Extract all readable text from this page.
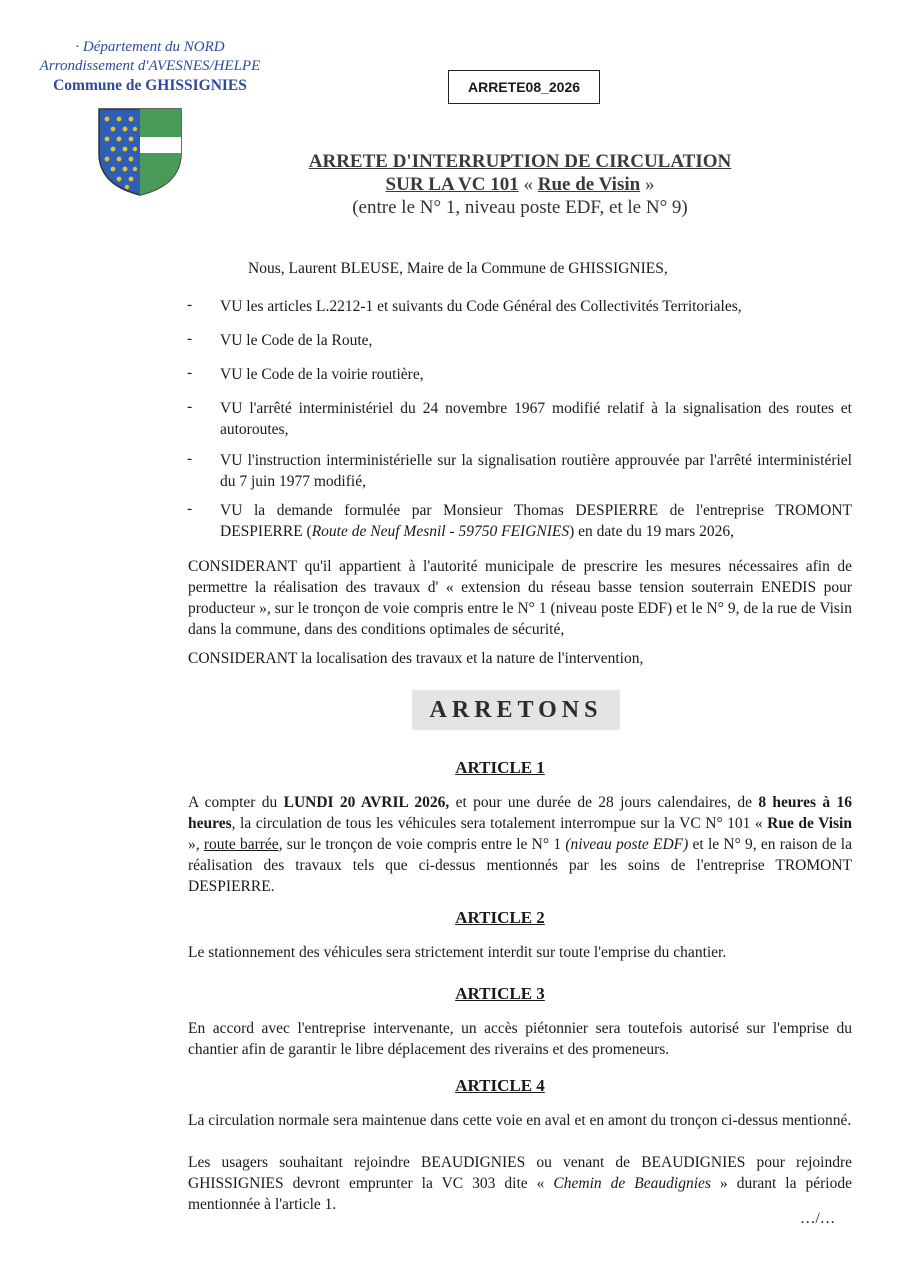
· Département du NORD
Arrondissement d'AVESNES/HELPE
Commune de GHISSIGNIES	ARRETE08_2026
ARRETE D'INTERRUPTION DE CIRCULATION
SUR LA VC 101 « Rue de Visin »
(entre le N° 1, niveau poste EDF, et le N° 9)
Nous, Laurent BLEUSE, Maire de la Commune de GHISSIGNIES,
- VU les articles L.2212-1 et suivants du Code Général des Collectivités Territoriales,
- VU le Code de la Route,
- VU le Code de la voirie routière,
- VU l'arrêté interministériel du 24 novembre 1967 modifié relatif à la signalisation des routes et autoroutes,
- VU l'instruction interministérielle sur la signalisation routière approuvée par l'arrêté interministériel du 7 juin 1977 modifié,
- VU la demande formulée par Monsieur Thomas DESPIERRE de l'entreprise TROMONT DESPIERRE (Route de Neuf Mesnil - 59750 FEIGNIES) en date du 19 mars 2026,
CONSIDERANT qu'il appartient à l'autorité municipale de prescrire les mesures nécessaires afin de permettre la réalisation des travaux d' « extension du réseau basse tension souterrain ENEDIS pour producteur », sur le tronçon de voie compris entre le N° 1 (niveau poste EDF) et le N° 9, de la rue de Visin dans la commune, dans des conditions optimales de sécurité,
CONSIDERANT la localisation des travaux et la nature de l'intervention,
ARRETONS
ARTICLE 1
A compter du LUNDI 20 AVRIL 2026, et pour une durée de 28 jours calendaires, de 8 heures à 16 heures, la circulation de tous les véhicules sera totalement interrompue sur la VC N° 101 « Rue de Visin », route barrée, sur le tronçon de voie compris entre le N° 1 (niveau poste EDF) et le N° 9, en raison de la réalisation des travaux tels que ci-dessus mentionnés par les soins de l'entreprise TROMONT DESPIERRE.
ARTICLE 2
Le stationnement des véhicules sera strictement interdit sur toute l'emprise du chantier.
ARTICLE 3
En accord avec l'entreprise intervenante, un accès piétonnier sera toutefois autorisé sur l'emprise du chantier afin de garantir le libre déplacement des riverains et des promeneurs.
ARTICLE 4
La circulation normale sera maintenue dans cette voie en aval et en amont du tronçon ci-dessus mentionné.
Les usagers souhaitant rejoindre BEAUDIGNIES ou venant de BEAUDIGNIES pour rejoindre GHISSIGNIES devront emprunter la VC 303 dite « Chemin de Beaudignies » durant la période mentionnée à l'article 1.
…/…
